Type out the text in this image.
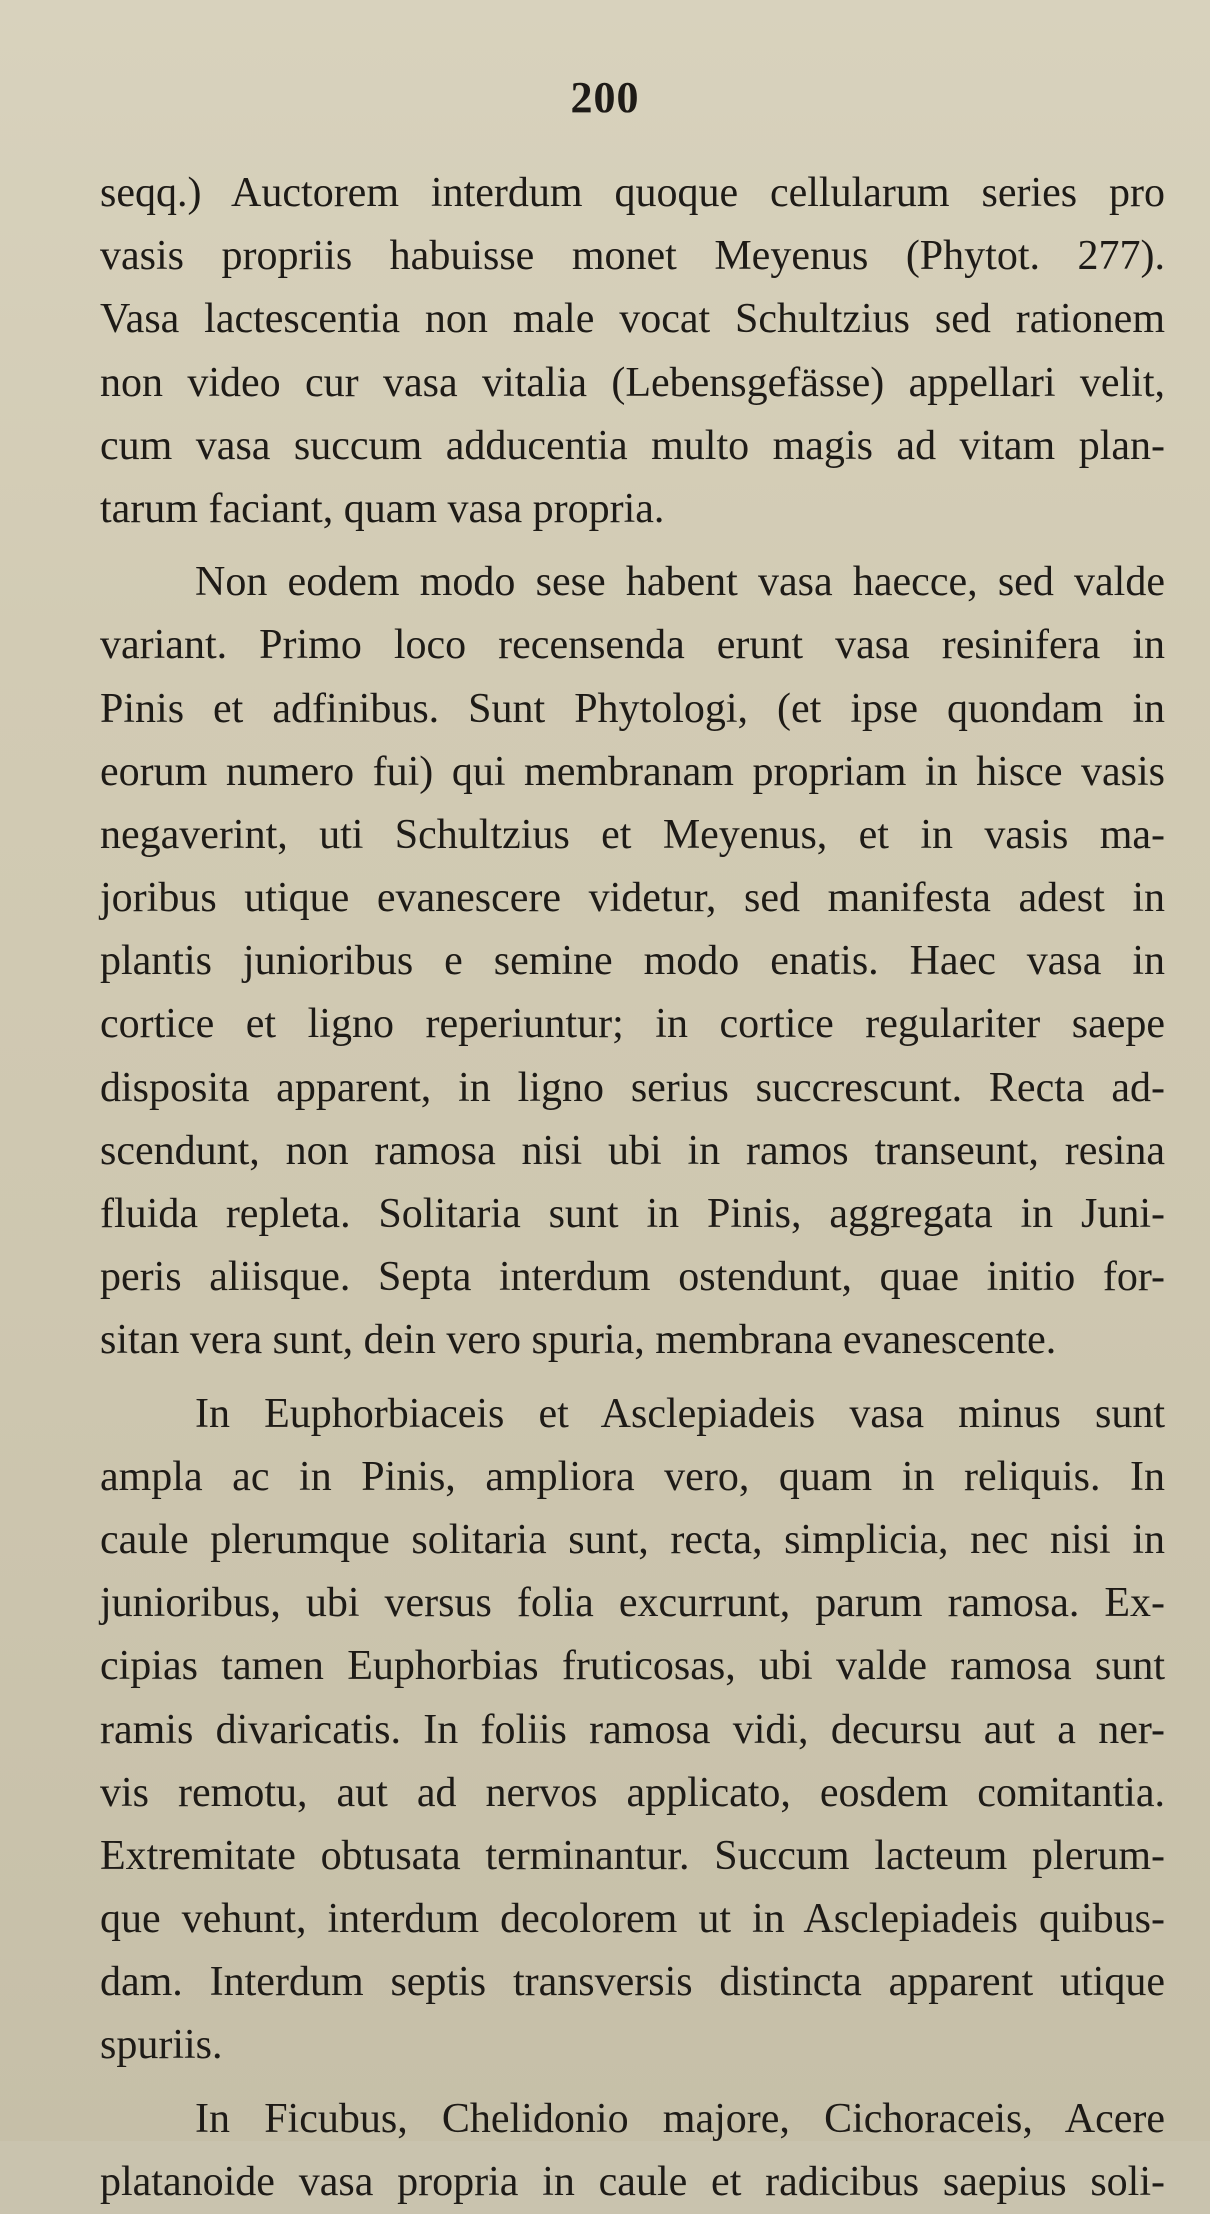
200
seqq.) Auctorem interdum quoque cellularum series pro
vasis propriis habuisse monet Meyenus (Phytot. 277).
Vasa lactescentia non male vocat Schultzius sed rationem
non video cur vasa vitalia (Lebensgefässe) appellari velit,
cum vasa succum adducentia multo magis ad vitam plan-
tarum faciant, quam vasa propria.
Non eodem modo sese habent vasa haecce, sed valde
variant. Primo loco recensenda erunt vasa resinifera in
Pinis et adfinibus. Sunt Phytologi, (et ipse quondam in
eorum numero fui) qui membranam propriam in hisce vasis
negaverint, uti Schultzius et Meyenus, et in vasis ma-
joribus utique evanescere videtur, sed manifesta adest in
plantis junioribus e semine modo enatis. Haec vasa in
cortice et ligno reperiuntur; in cortice regulariter saepe
disposita apparent, in ligno serius succrescunt. Recta ad-
scendunt, non ramosa nisi ubi in ramos transeunt, resina
fluida repleta. Solitaria sunt in Pinis, aggregata in Juni-
peris aliisque. Septa interdum ostendunt, quae initio for-
sitan vera sunt, dein vero spuria, membrana evanescente.
In Euphorbiaceis et Asclepiadeis vasa minus sunt
ampla ac in Pinis, ampliora vero, quam in reliquis. In
caule plerumque solitaria sunt, recta, simplicia, nec nisi in
junioribus, ubi versus folia excurrunt, parum ramosa. Ex-
cipias tamen Euphorbias fruticosas, ubi valde ramosa sunt
ramis divaricatis. In foliis ramosa vidi, decursu aut a ner-
vis remotu, aut ad nervos applicato, eosdem comitantia.
Extremitate obtusata terminantur. Succum lacteum plerum-
que vehunt, interdum decolorem ut in Asclepiadeis quibus-
dam. Interdum septis transversis distincta apparent utique
spuriis.
In Ficubus, Chelidonio majore, Cichoraceis, Acere
platanoide vasa propria in caule et radicibus saepius soli-
